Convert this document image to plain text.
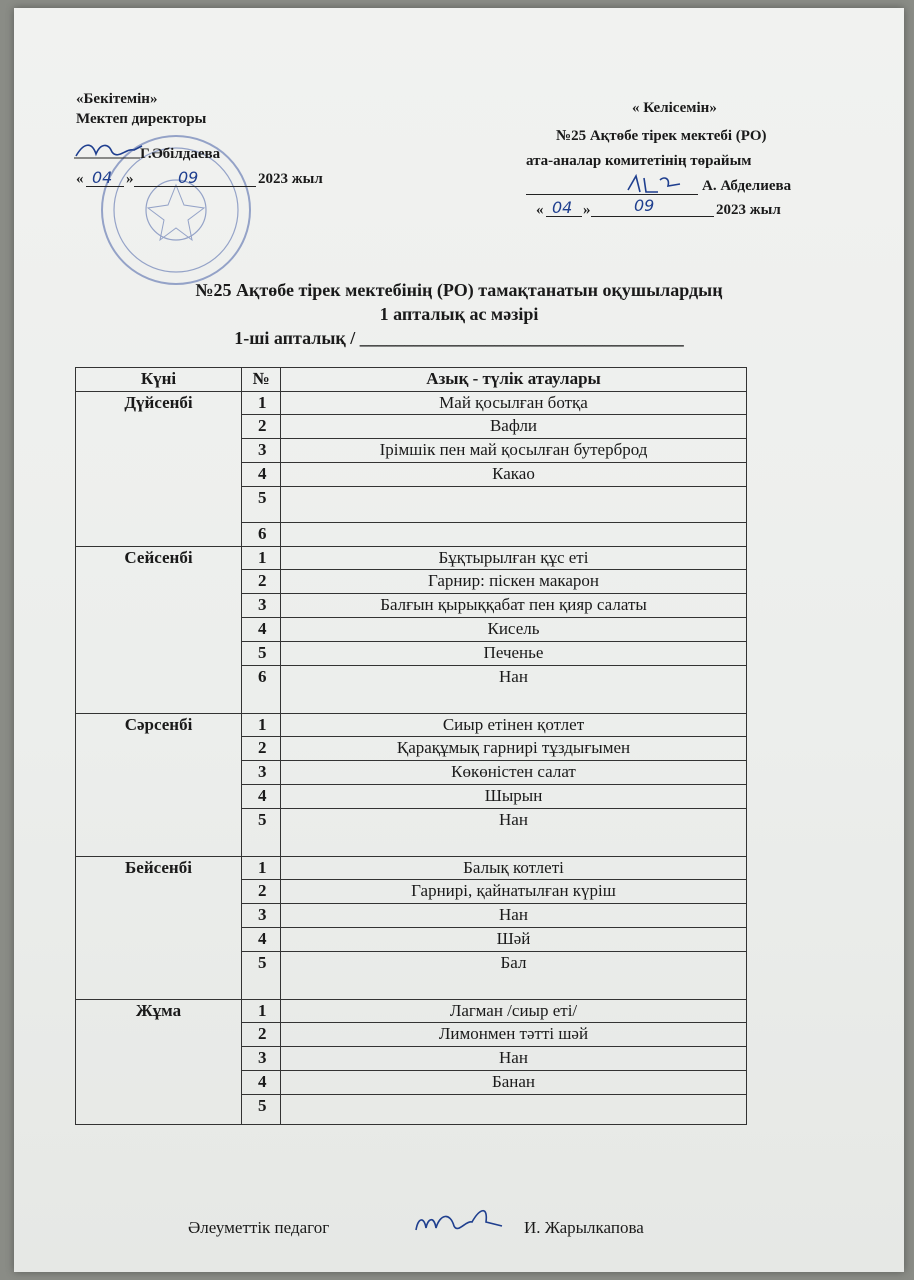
«Бекітемін»
Мектеп директоры
Г.Әбілдаева
« 04 »	09	2023 жыл
« Келісемін»
№25 Ақтөбе тірек мектебі (РО)
ата-аналар комитетінің төрайым
А. Абделиева
« 04 »	09	2023 жыл
№25 Ақтөбе тірек мектебінің (РО) тамақтанатын оқушылардың
1 апталық ас мәзірі
1-ші апталық / ____________________________________
Күні	№	Азық - түлік атаулары
Дүйсенбі	1	Май қосылған ботқа
	2	Вафли
	3	Ірімшік пен май қосылған бутерброд
	4	Какао
	5	
	6	
Сейсенбі	1	Бұқтырылған құс еті
	2	Гарнир: піскен макарон
	3	Балғын қырыққабат пен қияр салаты
	4	Кисель
	5	Печенье
	6	Нан
Сәрсенбі	1	Сиыр етінен қотлет
	2	Қарақұмық гарнирі тұздығымен
	3	Көкөністен салат
	4	Шырын
	5	Нан
Бейсенбі	1	Балық котлеті
	2	Гарнирі, қайнатылған күріш
	3	Нан
	4	Шәй
	5	Бал
Жұма	1	Лагман /сиыр еті/
	2	Лимонмен тәтті шәй
	3	Нан
	4	Банан
	5	
Әлеуметтік педагог	И. Жарылкапова
